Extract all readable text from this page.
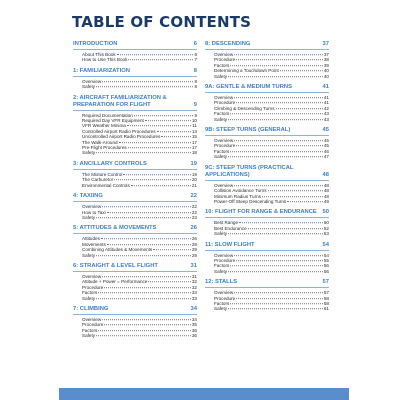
TABLE OF CONTENTS
INTRODUCTION	6
About This Book	6
How to Use This Book	7
1: FAMILIARIZATION	8
Overview	8
Safety	8
2: AIRCRAFT FAMILIARIZATION & PREPARATION FOR FLIGHT	9
Required Documentation	9
Required Day VFR Equipment	10
VFR Weather Minima	11
Controlled Airport Radio Procedures	13
Uncontrolled Airport Radio Procedures	15
The Walk-Around	17
Pre-Flight Procedures	17
Safety	18
3: ANCILLARY CONTROLS	19
The Mixture Control	19
The Carburetor	20
Environmental Controls	21
4: TAXIING	22
Overview	22
How to Taxi	22
Safety	23
5: ATTITUDES & MOVEMENTS	26
Attitudes	26
Movements	28
Combining Attitudes & Movements	29
Safety	29
6: STRAIGHT & LEVEL FLIGHT	31
Overview	31
Attitude + Power = Performance	32
Procedure	32
Factors	33
Safety	33
7: CLIMBING	34
Overview	34
Procedure	35
Factors	36
Safety	36
8: DESCENDING	37
Overview	37
Procedure	38
Factors	39
Determining a Touchdown Point	40
Safety	40
9A: GENTLE & MEDIUM TURNS	41
Overview	41
Procedure	41
Climbing & Descending Turns	42
Factors	43
Safety	43
9B: STEEP TURNS (GENERAL)	45
Overview	45
Procedure	45
Factors	46
Safety	47
9C: STEEP TURNS (PRACTICAL APPLICATIONS)	48
Overview	48
Collision Avoidance Turns	48
Minimum Radius Turns	48
Power-Off Steep Descending Turns	49
10: FLIGHT FOR RANGE & ENDURANCE 50
Best Range	50
Best Endurance	52
Safety	53
11: SLOW FLIGHT	54
Overview	54
Procedure	55
Factors	56
Safety	56
12: STALLS	57
Overview	57
Procedure	58
Factors	58
Safety	61
